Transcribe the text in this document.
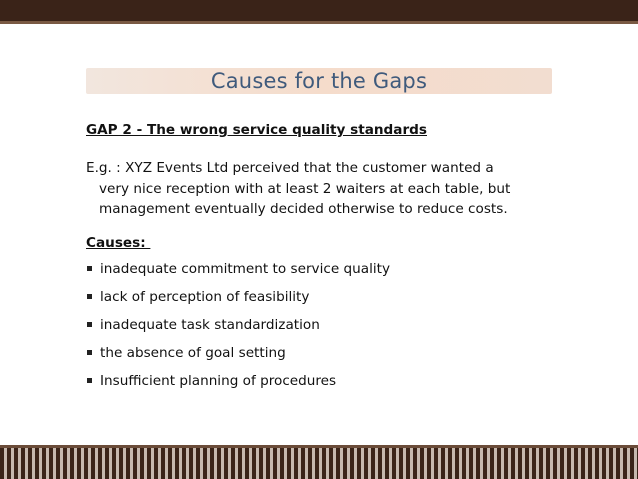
Causes for the Gaps

GAP 2 - The wrong service quality standards

E.g. : XYZ Events Ltd perceived that the customer wanted a very nice reception with at least 2 waiters at each table, but management eventually decided otherwise to reduce costs.

Causes:

inadequate commitment to service quality
lack of perception of feasibility
inadequate task standardization
the absence of goal setting
Insufficient planning of procedures
